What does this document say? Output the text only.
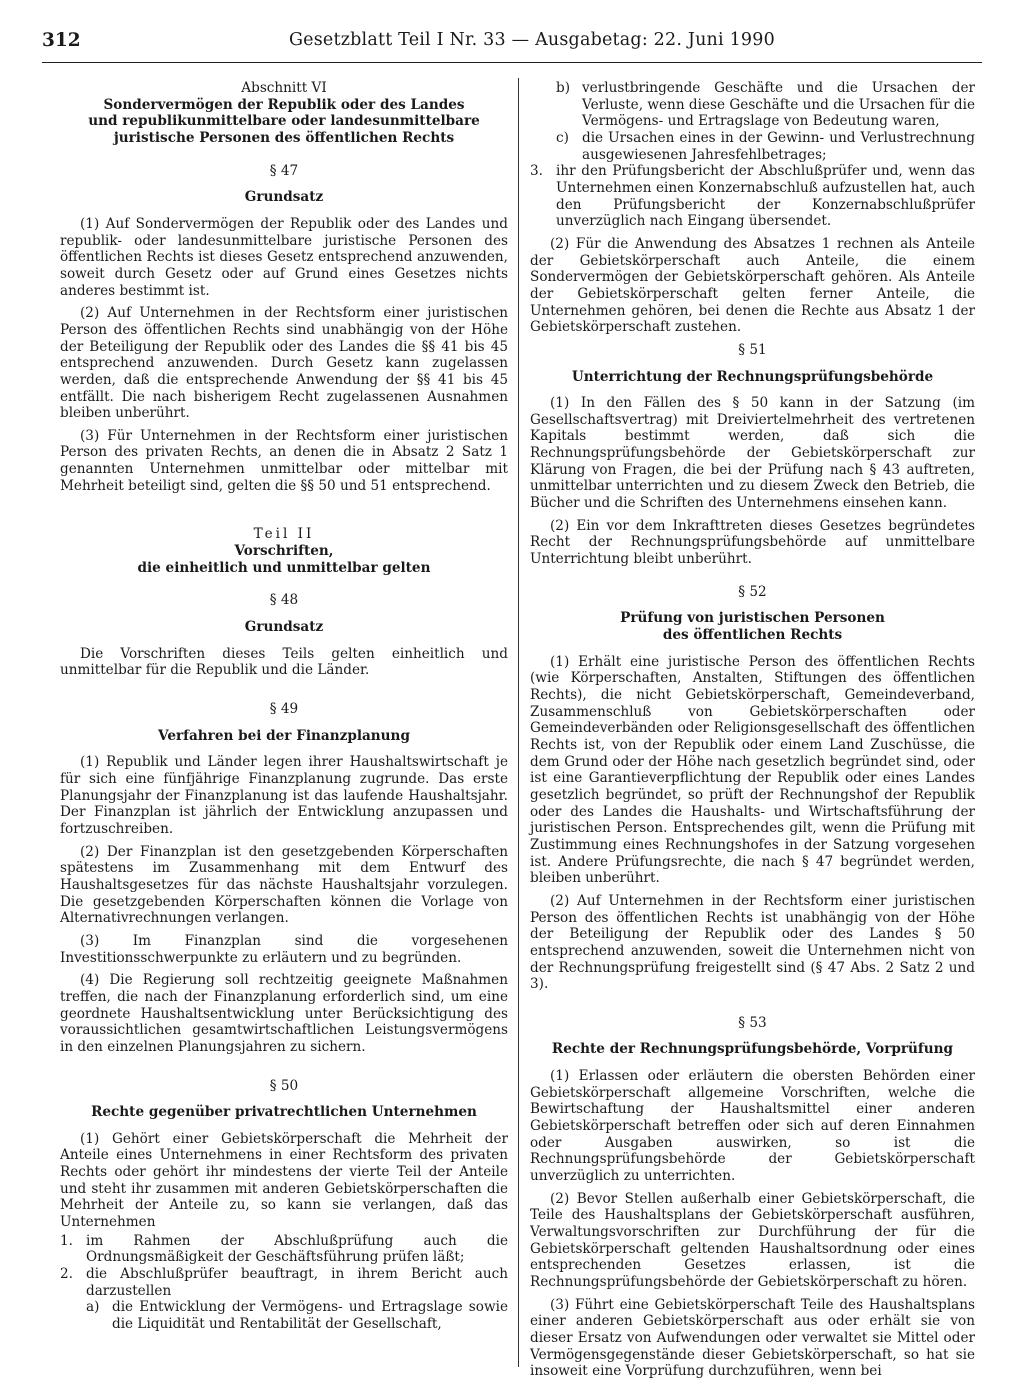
312	Gesetzblatt Teil I Nr. 33 — Ausgabetag: 22. Juni 1990

Abschnitt VI

Sondervermögen der Republik oder des Landes
und republikunmittelbare oder landesunmittelbare
juristische Personen des öffentlichen Rechts

§ 47

Grundsatz

(1) Auf Sondervermögen der Republik oder des Landes und republik- oder landesunmittelbare juristische Personen des öffentlichen Rechts ist dieses Gesetz entsprechend anzuwenden, soweit durch Gesetz oder auf Grund eines Gesetzes nichts anderes bestimmt ist.

(2) Auf Unternehmen in der Rechtsform einer juristischen Person des öffentlichen Rechts sind unabhängig von der Höhe der Beteiligung der Republik oder des Landes die §§ 41 bis 45 entsprechend anzuwenden. Durch Gesetz kann zugelassen werden, daß die entsprechende Anwendung der §§ 41 bis 45 entfällt. Die nach bisherigem Recht zugelassenen Ausnahmen bleiben unberührt.

(3) Für Unternehmen in der Rechtsform einer juristischen Person des privaten Rechts, an denen die in Absatz 2 Satz 1 genannten Unternehmen unmittelbar oder mittelbar mit Mehrheit beteiligt sind, gelten die §§ 50 und 51 entsprechend.

Teil II

Vorschriften,
die einheitlich und unmittelbar gelten

§ 48

Grundsatz

Die Vorschriften dieses Teils gelten einheitlich und unmittelbar für die Republik und die Länder.

§ 49

Verfahren bei der Finanzplanung

(1) Republik und Länder legen ihrer Haushaltswirtschaft je für sich eine fünfjährige Finanzplanung zugrunde. Das erste Planungsjahr der Finanzplanung ist das laufende Haushaltsjahr. Der Finanzplan ist jährlich der Entwicklung anzupassen und fortzuschreiben.

(2) Der Finanzplan ist den gesetzgebenden Körperschaften spätestens im Zusammenhang mit dem Entwurf des Haushaltsgesetzes für das nächste Haushaltsjahr vorzulegen. Die gesetzgebenden Körperschaften können die Vorlage von Alternativrechnungen verlangen.

(3) Im Finanzplan sind die vorgesehenen Investitionsschwerpunkte zu erläutern und zu begründen.

(4) Die Regierung soll rechtzeitig geeignete Maßnahmen treffen, die nach der Finanzplanung erforderlich sind, um eine geordnete Haushaltsentwicklung unter Berücksichtigung des voraussichtlichen gesamtwirtschaftlichen Leistungsvermögens in den einzelnen Planungsjahren zu sichern.

§ 50

Rechte gegenüber privatrechtlichen Unternehmen

(1) Gehört einer Gebietskörperschaft die Mehrheit der Anteile eines Unternehmens in einer Rechtsform des privaten Rechts oder gehört ihr mindestens der vierte Teil der Anteile und steht ihr zusammen mit anderen Gebietskörperschaften die Mehrheit der Anteile zu, so kann sie verlangen, daß das Unternehmen

1. im Rahmen der Abschlußprüfung auch die Ordnungsmäßigkeit der Geschäftsführung prüfen läßt;
2. die Abschlußprüfer beauftragt, in ihrem Bericht auch darzustellen
a) die Entwicklung der Vermögens- und Ertragslage sowie die Liquidität und Rentabilität der Gesellschaft,
b) verlustbringende Geschäfte und die Ursachen der Verluste, wenn diese Geschäfte und die Ursachen für die Vermögens- und Ertragslage von Bedeutung waren,
c) die Ursachen eines in der Gewinn- und Verlustrechnung ausgewiesenen Jahresfehlbetrages;
3. ihr den Prüfungsbericht der Abschlußprüfer und, wenn das Unternehmen einen Konzernabschluß aufzustellen hat, auch den Prüfungsbericht der Konzernabschlußprüfer unverzüglich nach Eingang übersendet.

(2) Für die Anwendung des Absatzes 1 rechnen als Anteile der Gebietskörperschaft auch Anteile, die einem Sondervermögen der Gebietskörperschaft gehören. Als Anteile der Gebietskörperschaft gelten ferner Anteile, die Unternehmen gehören, bei denen die Rechte aus Absatz 1 der Gebietskörperschaft zustehen.

§ 51

Unterrichtung der Rechnungsprüfungsbehörde

(1) In den Fällen des § 50 kann in der Satzung (im Gesellschaftsvertrag) mit Dreiviertelmehrheit des vertretenen Kapitals bestimmt werden, daß sich die Rechnungsprüfungsbehörde der Gebietskörperschaft zur Klärung von Fragen, die bei der Prüfung nach § 43 auftreten, unmittelbar unterrichten und zu diesem Zweck den Betrieb, die Bücher und die Schriften des Unternehmens einsehen kann.

(2) Ein vor dem Inkrafttreten dieses Gesetzes begründetes Recht der Rechnungsprüfungsbehörde auf unmittelbare Unterrichtung bleibt unberührt.

§ 52

Prüfung von juristischen Personen
des öffentlichen Rechts

(1) Erhält eine juristische Person des öffentlichen Rechts (wie Körperschaften, Anstalten, Stiftungen des öffentlichen Rechts), die nicht Gebietskörperschaft, Gemeindeverband, Zusammenschluß von Gebietskörperschaften oder Gemeindeverbänden oder Religionsgesellschaft des öffentlichen Rechts ist, von der Republik oder einem Land Zuschüsse, die dem Grund oder der Höhe nach gesetzlich begründet sind, oder ist eine Garantieverpflichtung der Republik oder eines Landes gesetzlich begründet, so prüft der Rechnungshof der Republik oder des Landes die Haushalts- und Wirtschaftsführung der juristischen Person. Entsprechendes gilt, wenn die Prüfung mit Zustimmung eines Rechnungshofes in der Satzung vorgesehen ist. Andere Prüfungsrechte, die nach § 47 begründet werden, bleiben unberührt.

(2) Auf Unternehmen in der Rechtsform einer juristischen Person des öffentlichen Rechts ist unabhängig von der Höhe der Beteiligung der Republik oder des Landes § 50 entsprechend anzuwenden, soweit die Unternehmen nicht von der Rechnungsprüfung freigestellt sind (§ 47 Abs. 2 Satz 2 und 3).

§ 53

Rechte der Rechnungsprüfungsbehörde, Vorprüfung

(1) Erlassen oder erläutern die obersten Behörden einer Gebietskörperschaft allgemeine Vorschriften, welche die Bewirtschaftung der Haushaltsmittel einer anderen Gebietskörperschaft betreffen oder sich auf deren Einnahmen oder Ausgaben auswirken, so ist die Rechnungsprüfungsbehörde der Gebietskörperschaft unverzüglich zu unterrichten.

(2) Bevor Stellen außerhalb einer Gebietskörperschaft, die Teile des Haushaltsplans der Gebietskörperschaft ausführen, Verwaltungsvorschriften zur Durchführung der für die Gebietskörperschaft geltenden Haushaltsordnung oder eines entsprechenden Gesetzes erlassen, ist die Rechnungsprüfungsbehörde der Gebietskörperschaft zu hören.

(3) Führt eine Gebietskörperschaft Teile des Haushaltsplans einer anderen Gebietskörperschaft aus oder erhält sie von dieser Ersatz von Aufwendungen oder verwaltet sie Mittel oder Vermögensgegenstände dieser Gebietskörperschaft, so hat sie insoweit eine Vorprüfung durchzuführen, wenn bei
